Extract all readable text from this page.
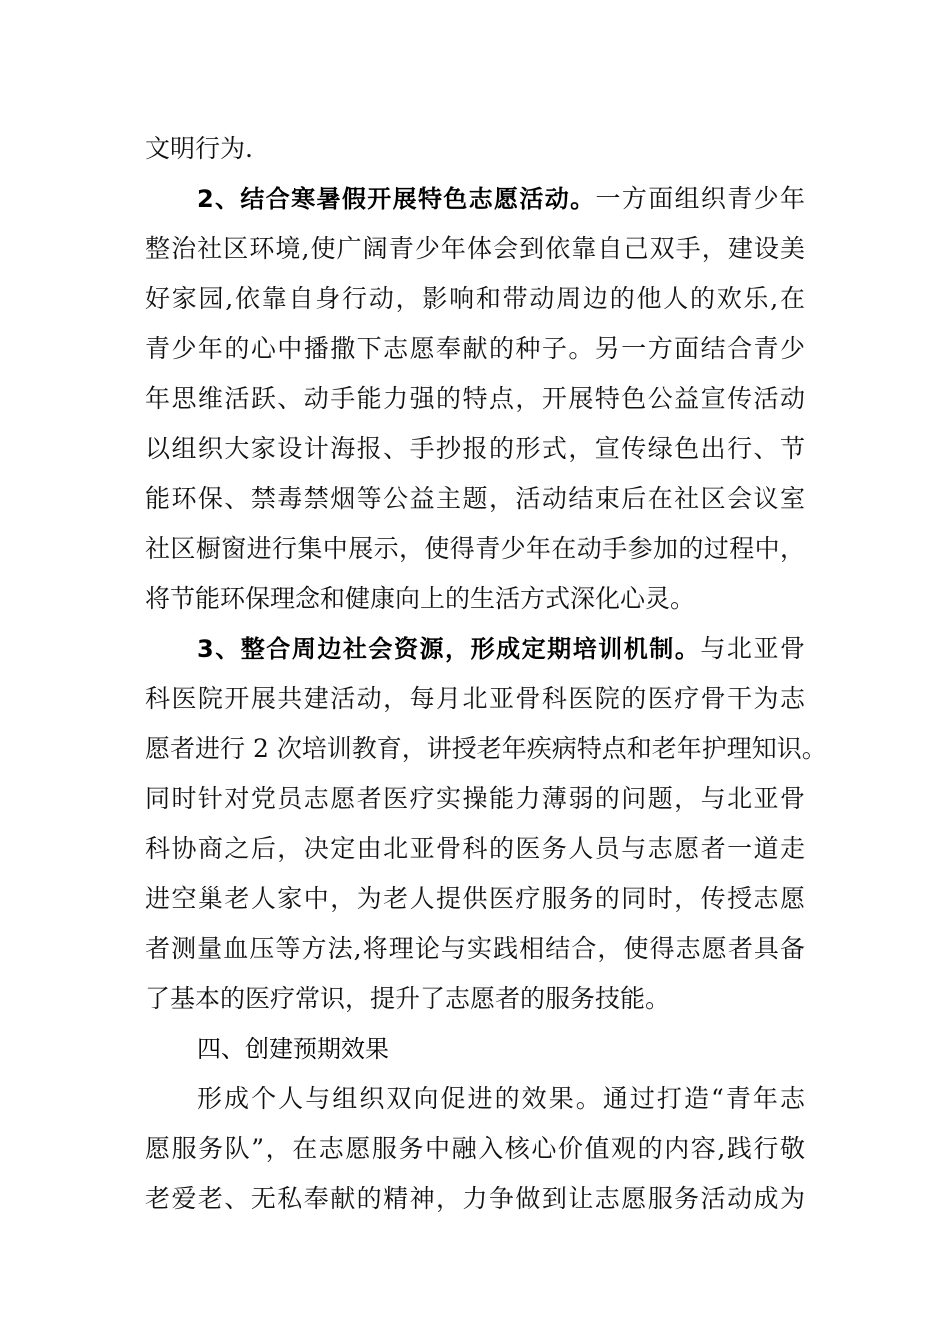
文明行为.
2、结合寒暑假开展特色志愿活动。一方面组织青少年
整治社区环境,使广阔青少年体会到依靠自己双手，建设美
好家园,依靠自身行动，影响和带动周边的他人的欢乐,在
青少年的心中播撒下志愿奉献的种子。另一方面结合青少
年思维活跃、动手能力强的特点，开展特色公益宣传活动
以组织大家设计海报、手抄报的形式，宣传绿色出行、节
能环保、禁毒禁烟等公益主题，活动结束后在社区会议室
社区橱窗进行集中展示，使得青少年在动手参加的过程中，
将节能环保理念和健康向上的生活方式深化心灵。
3、整合周边社会资源，形成定期培训机制。与北亚骨
科医院开展共建活动，每月北亚骨科医院的医疗骨干为志
愿者进行 2 次培训教育，讲授老年疾病特点和老年护理知识。
同时针对党员志愿者医疗实操能力薄弱的问题，与北亚骨
科协商之后，决定由北亚骨科的医务人员与志愿者一道走
进空巢老人家中，为老人提供医疗服务的同时，传授志愿
者测量血压等方法,将理论与实践相结合，使得志愿者具备
了基本的医疗常识，提升了志愿者的服务技能。
四、创建预期效果
形成个人与组织双向促进的效果。通过打造“青年志
愿服务队”，在志愿服务中融入核心价值观的内容,践行敬
老爱老、无私奉献的精神，力争做到让志愿服务活动成为
